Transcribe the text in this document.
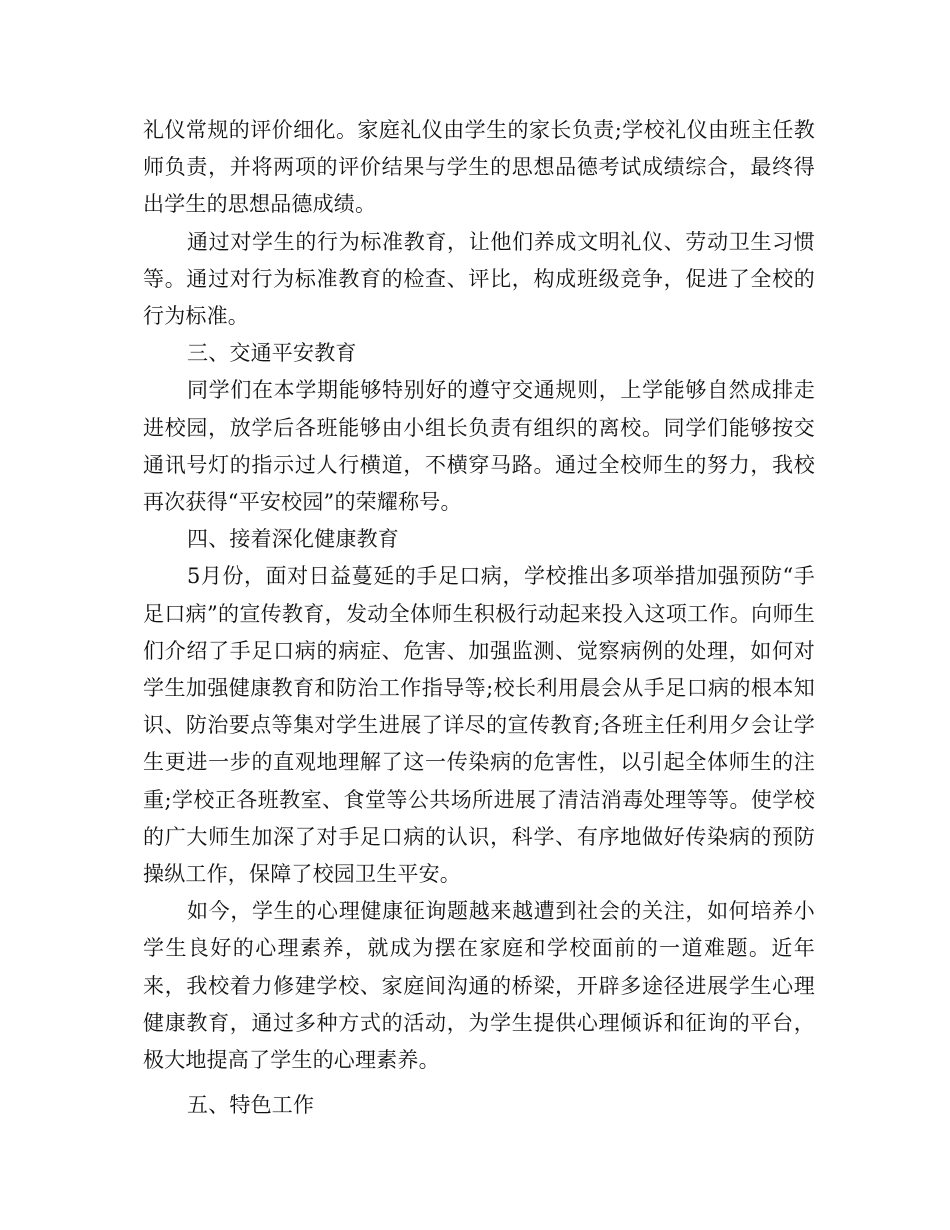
礼仪常规的评价细化。家庭礼仪由学生的家长负责;学校礼仪由班主任教师负责，并将两项的评价结果与学生的思想品德考试成绩综合，最终得出学生的思想品德成绩。

通过对学生的行为标准教育，让他们养成文明礼仪、劳动卫生习惯等。通过对行为标准教育的检查、评比，构成班级竞争，促进了全校的行为标准。

三、交通平安教育

同学们在本学期能够特别好的遵守交通规则，上学能够自然成排走进校园，放学后各班能够由小组长负责有组织的离校。同学们能够按交通讯号灯的指示过人行横道，不横穿马路。通过全校师生的努力，我校再次获得“平安校园”的荣耀称号。

四、接着深化健康教育

5月份，面对日益蔓延的手足口病，学校推出多项举措加强预防“手足口病”的宣传教育，发动全体师生积极行动起来投入这项工作。向师生们介绍了手足口病的病症、危害、加强监测、觉察病例的处理，如何对学生加强健康教育和防治工作指导等;校长利用晨会从手足口病的根本知识、防治要点等集对学生进展了详尽的宣传教育;各班主任利用夕会让学生更进一步的直观地理解了这一传染病的危害性，以引起全体师生的注重;学校正各班教室、食堂等公共场所进展了清洁消毒处理等等。使学校的广大师生加深了对手足口病的认识，科学、有序地做好传染病的预防操纵工作，保障了校园卫生平安。

如今，学生的心理健康征询题越来越遭到社会的关注，如何培养小学生良好的心理素养，就成为摆在家庭和学校面前的一道难题。近年来，我校着力修建学校、家庭间沟通的桥梁，开辟多途径进展学生心理健康教育，通过多种方式的活动，为学生提供心理倾诉和征询的平台，极大地提高了学生的心理素养。

五、特色工作
